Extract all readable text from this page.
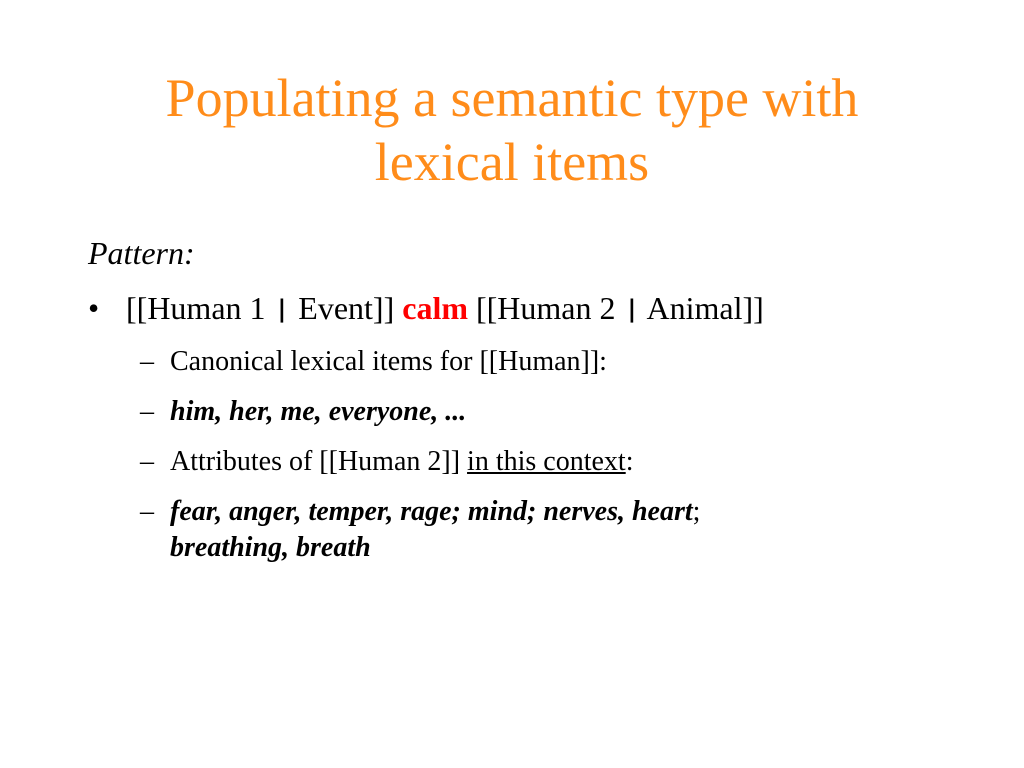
Populating a semantic type with
lexical items
Pattern:
• [[Human 1 | Event]] calm [[Human 2 | Animal]]
– Canonical lexical items for [[Human]]:
– him, her, me, everyone, ...
– Attributes of [[Human 2]] in this context:
– fear, anger, temper, rage; mind; nerves, heart;
breathing, breath
